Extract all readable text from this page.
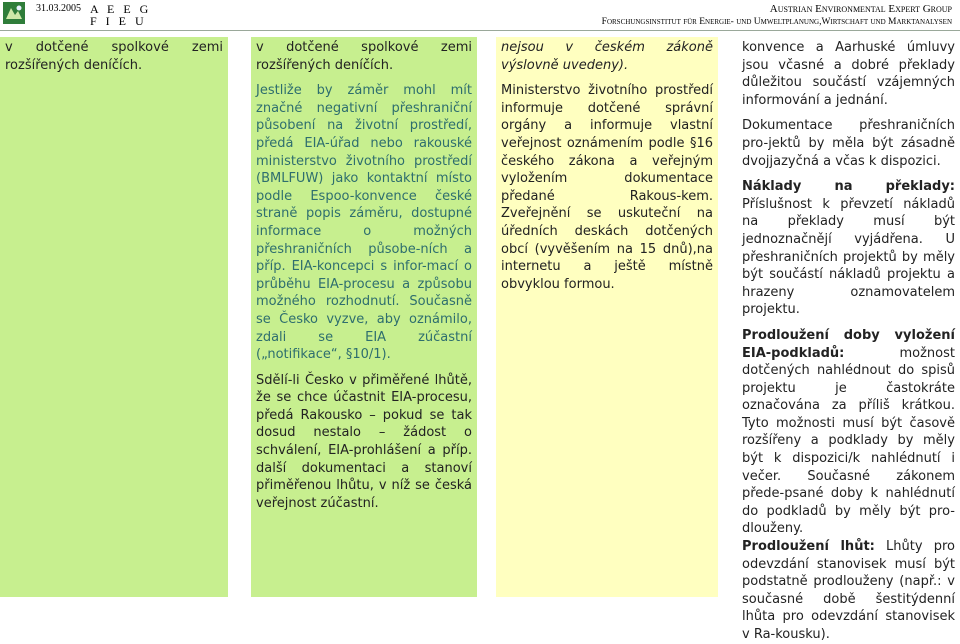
31.03.2005 A E E G
F I E U
Austrian Environmental Expert Group
Forschungsinstitut für Energie- und Umweltplanung,Wirtschaft und Marktanalysen

v dotčené spolkové zemi rozšířených deníčích.

v dotčené spolkové zemi rozšířených deníčích.

Jestliže by záměr mohl mít značné negativní přeshraniční působení na životní prostředí, předá EIA-úřad nebo rakouské ministerstvo životního prostředí (BMLFUW) jako kontaktní místo podle Espoo-konvence české straně popis záměru, dostupné informace o možných přeshraničních působe-ních a příp. EIA-koncepci s infor-mací o průběhu EIA-procesu a způsobu možného rozhodnutí. Současně se Česko vyzve, aby oznámilo, zdali se EIA zúčastní („notifikace“, §10/1).

Sdělí-li Česko v přiměřené lhůtě, že se chce účastnit EIA-procesu, předá Rakousko – pokud se tak dosud nestalo – žádost o schválení, EIA-prohlášení a příp. další dokumentaci a stanoví přiměřenou lhůtu, v níž se česká veřejnost zúčastní.

nejsou v českém zákoně výslovně uvedeny).

Ministerstvo životního prostředí informuje dotčené správní orgány a informuje vlastní veřejnost oznámením podle §16 českého zákona a veřejným vyložením dokumentace předané Rakous-kem. Zveřejnění se uskuteční na úředních deskách dotčených obcí (vyvěšením na 15 dnů),na internetu a ještě místně obvyklou formou.

konvence a Aarhuské úmluvy jsou včasné a dobré překlady důležitou součástí vzájemných informování a jednání.

Dokumentace přeshraničních pro-jektů by měla být zásadně dvojjazyčná a včas k dispozici.

Náklady na překlady: Příslušnost k převzetí nákladů na překlady musí být jednoznačnějí vyjádřena. U přeshraničních projektů by měly být součástí nákladů projektu a hrazeny oznamovatelem projektu.

Prodloužení doby vyložení EIA-podkladů: možnost dotčených nahlédnout do spisů projektu je častokráte označována za příliš krátkou. Tyto možnosti musí být časově rozšířeny a podklady by měly být k dispozici/k nahlédnutí i večer. Současné zákonem přede-psané doby k nahlédnutí do podkladů by měly být pro-dlouženy.

Prodloužení lhůt: Lhůty pro odevzdání stanovisek musí být podstatně prodlouženy (např.: v současné době šestitýdenní lhůta pro odevzdání stanovisek v Ra-kousku).
